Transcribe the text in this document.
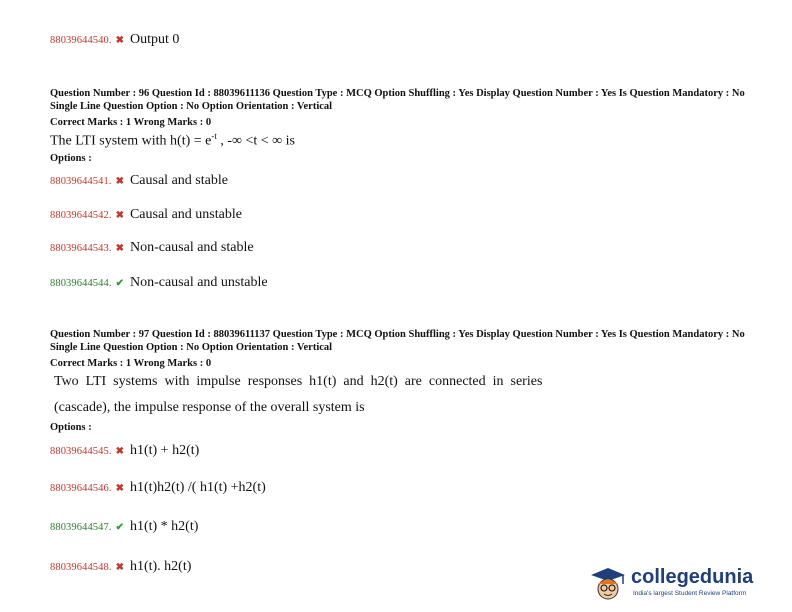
88039644540. ✖ Output 0
Question Number : 96 Question Id : 88039611136 Question Type : MCQ Option Shuffling : Yes Display Question Number : Yes Is Question Mandatory : No Single Line Question Option : No Option Orientation : Vertical
Correct Marks : 1 Wrong Marks : 0
The LTI system with $h(t) = e^{-t}$ , -∞ <t < ∞ is
Options :
88039644541. ✖ Causal and stable
88039644542. ✖ Causal and unstable
88039644543. ✖ Non-causal and stable
88039644544. ✔ Non-causal and unstable
Question Number : 97 Question Id : 88039611137 Question Type : MCQ Option Shuffling : Yes Display Question Number : Yes Is Question Mandatory : No Single Line Question Option : No Option Orientation : Vertical
Correct Marks : 1 Wrong Marks : 0
Two LTI systems with impulse responses h1(t) and h2(t) are connected in series
(cascade), the impulse response of the overall system is
Options :
88039644545. ✖ h1(t) + h2(t)
88039644546. ✖ h1(t)h2(t) /( h1(t) +h2(t)
88039644547. ✔ h1(t) * h2(t)
88039644548. ✖ h1(t). h2(t)	collegedunia
India's largest Student Review Platform
